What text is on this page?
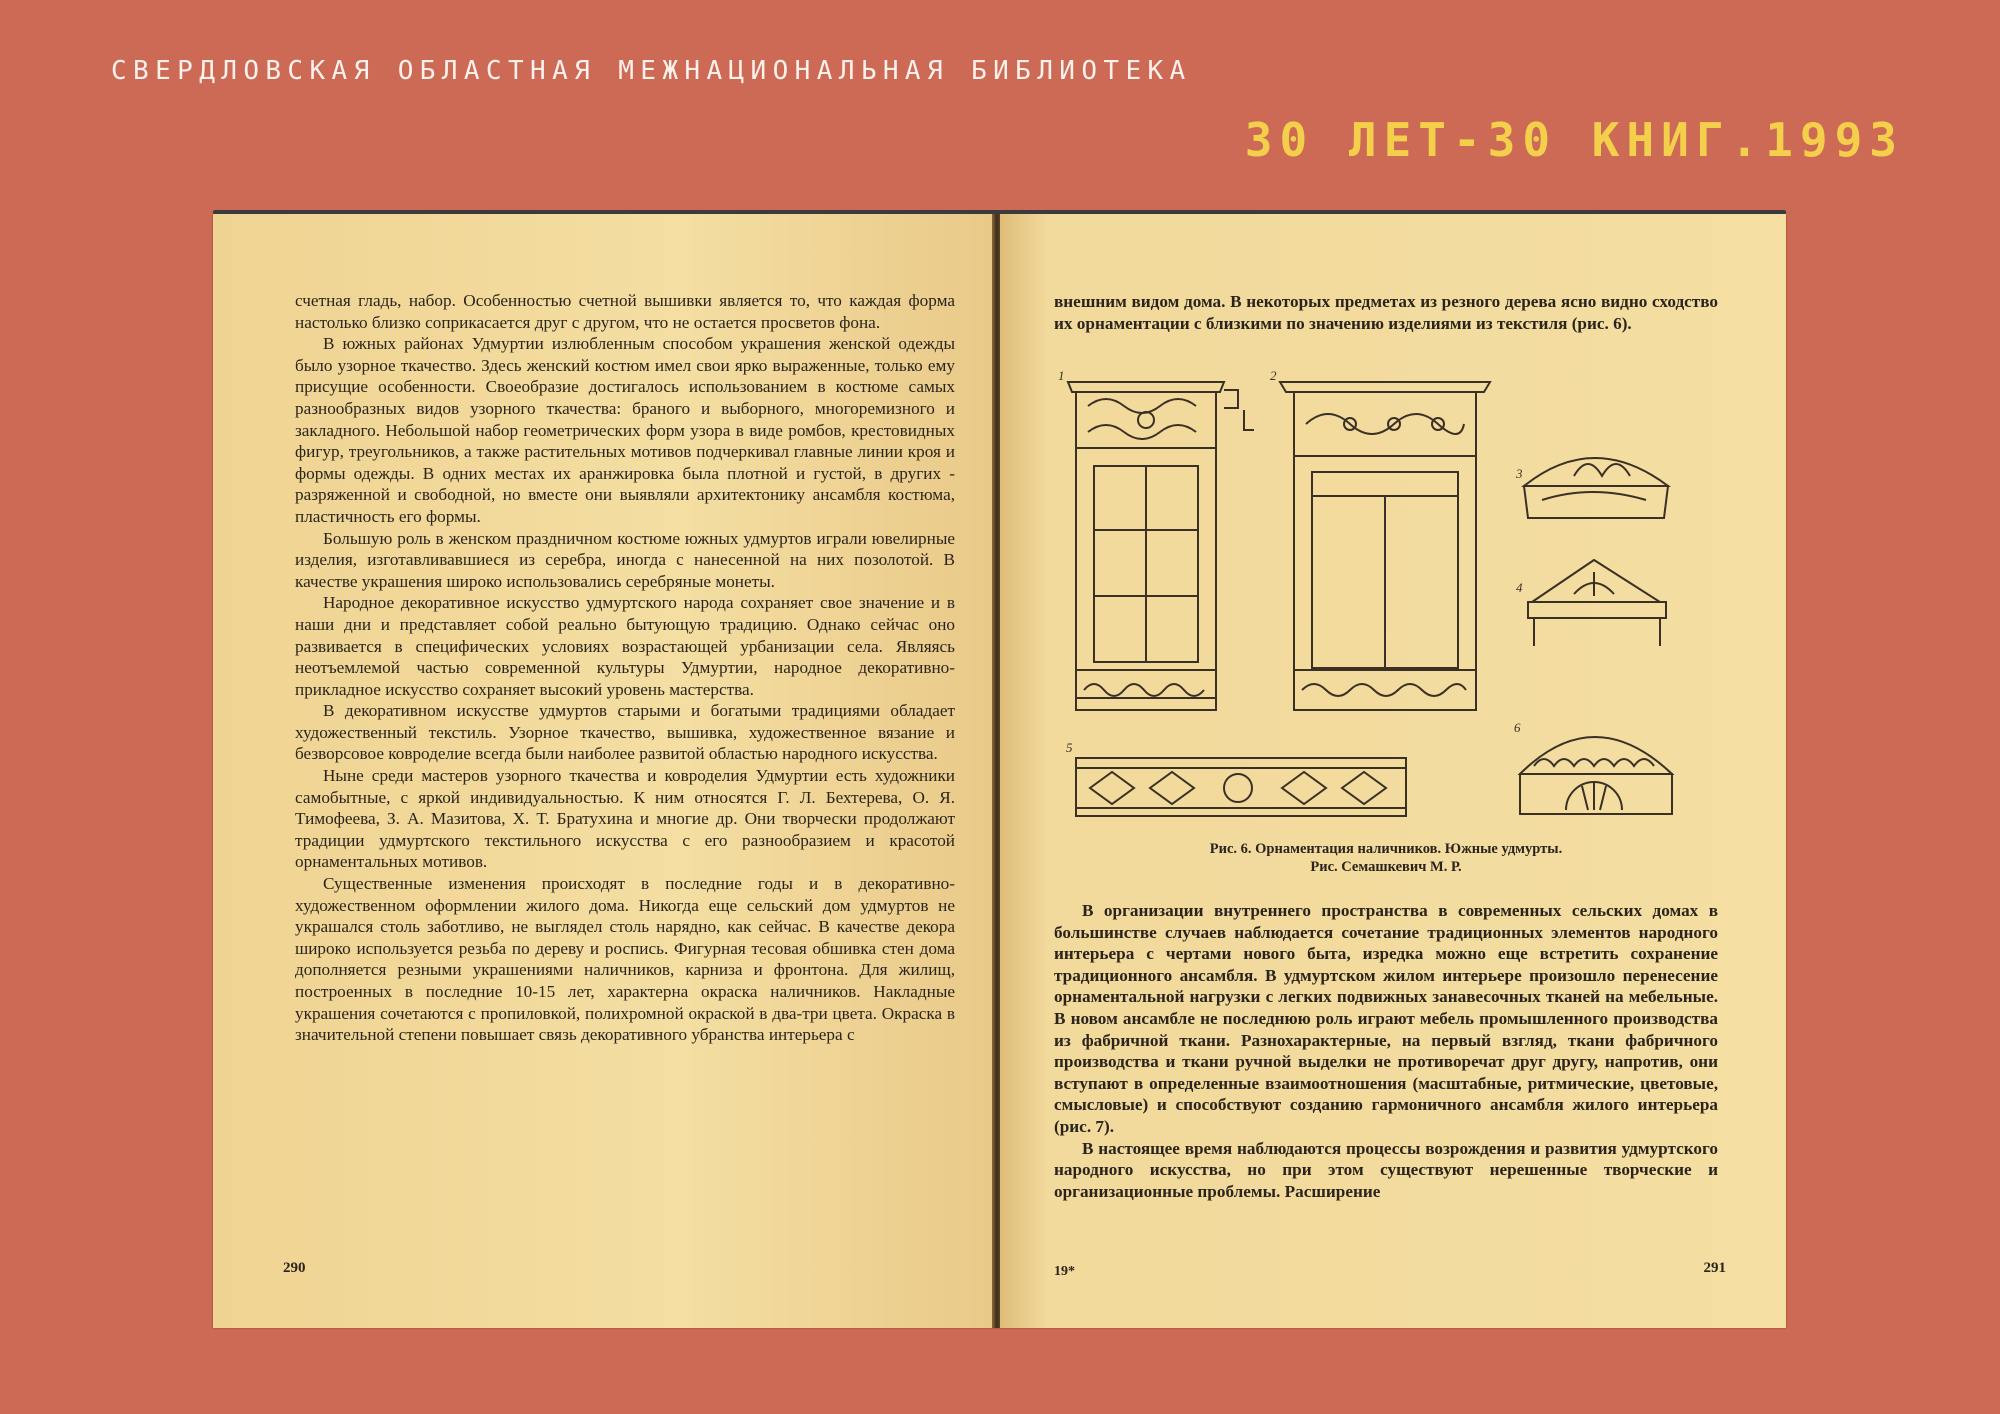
СВЕРДЛОВСКАЯ ОБЛАСТНАЯ МЕЖНАЦИОНАЛЬНАЯ БИБЛИОТЕКА
30 ЛЕТ-30 КНИГ.1993

счетная гладь, набор. Особенностью счетной вышивки является то, что каждая форма настолько близко соприкасается друг с другом, что не остается просветов фона.

В южных районах Удмуртии излюбленным способом украшения женской одежды было узорное ткачество. Здесь женский костюм имел свои ярко выраженные, только ему присущие особенности. Своеобразие достигалось использованием в костюме самых разнообразных видов узорного ткачества: браного и выборного, многоремизного и закладного. Небольшой набор геометрических форм узора в виде ромбов, крестовидных фигур, треугольников, а также растительных мотивов подчеркивал главные линии кроя и формы одежды. В одних местах их аранжировка была плотной и густой, в других - разряженной и свободной, но вместе они выявляли архитектонику ансамбля костюма, пластичность его формы.

Большую роль в женском праздничном костюме южных удмуртов играли ювелирные изделия, изготавливавшиеся из серебра, иногда с нанесенной на них позолотой. В качестве украшения широко использовались серебряные монеты.

Народное декоративное искусство удмуртского народа сохраняет свое значение и в наши дни и представляет собой реально бытующую традицию. Однако сейчас оно развивается в специфических условиях возрастающей урбанизации села. Являясь неотъемлемой частью современной культуры Удмуртии, народное декоративно-прикладное искусство сохраняет высокий уровень мастерства.

В декоративном искусстве удмуртов старыми и богатыми традициями обладает художественный текстиль. Узорное ткачество, вышивка, художественное вязание и безворсовое ковроделие всегда были наиболее развитой областью народного искусства.

Ныне среди мастеров узорного ткачества и ковроделия Удмуртии есть художники самобытные, с яркой индивидуальностью. К ним относятся Г. Л. Бехтерева, О. Я. Тимофеева, З. А. Мазитова, Х. Т. Братухина и многие др. Они творчески продолжают традиции удмуртского текстильного искусства с его разнообразием и красотой орнаментальных мотивов.

Существенные изменения происходят в последние годы и в декоративно-художественном оформлении жилого дома. Никогда еще сельский дом удмуртов не украшался столь заботливо, не выглядел столь нарядно, как сейчас. В качестве декора широко используется резьба по дереву и роспись. Фигурная тесовая обшивка стен дома дополняется резными украшениями наличников, карниза и фронтона. Для жилищ, построенных в последние 10-15 лет, характерна окраска наличников. Накладные украшения сочетаются с пропиловкой, полихромной окраской в два-три цвета. Окраска в значительной степени повышает связь декоративного убранства интерьера с

290

внешним видом дома. В некоторых предметах из резного дерева ясно видно сходство их орнаментации с близкими по значению изделиями из текстиля (рис. 6).

1	2
3
4
5
6
Рис. 6. Орнаментация наличников. Южные удмурты.
Рис. Семашкевич М. Р.

В организации внутреннего пространства в современных сельских домах в большинстве случаев наблюдается сочетание традиционных элементов народного интерьера с чертами нового быта, изредка можно еще встретить сохранение традиционного ансамбля. В удмуртском жилом интерьере произошло перенесение орнаментальной нагрузки с легких подвижных занавесочных тканей на мебельные. В новом ансамбле не последнюю роль играют мебель промышленного производства из фабричной ткани. Разнохарактерные, на первый взгляд, ткани фабричного производства и ткани ручной выделки не противоречат друг другу, напротив, они вступают в определенные взаимоотношения (масштабные, ритмические, цветовые, смысловые) и способствуют созданию гармоничного ансамбля жилого интерьера (рис. 7).

В настоящее время наблюдаются процессы возрождения и развития удмуртского народного искусства, но при этом существуют нерешенные творческие и организационные проблемы. Расширение

19*	291
